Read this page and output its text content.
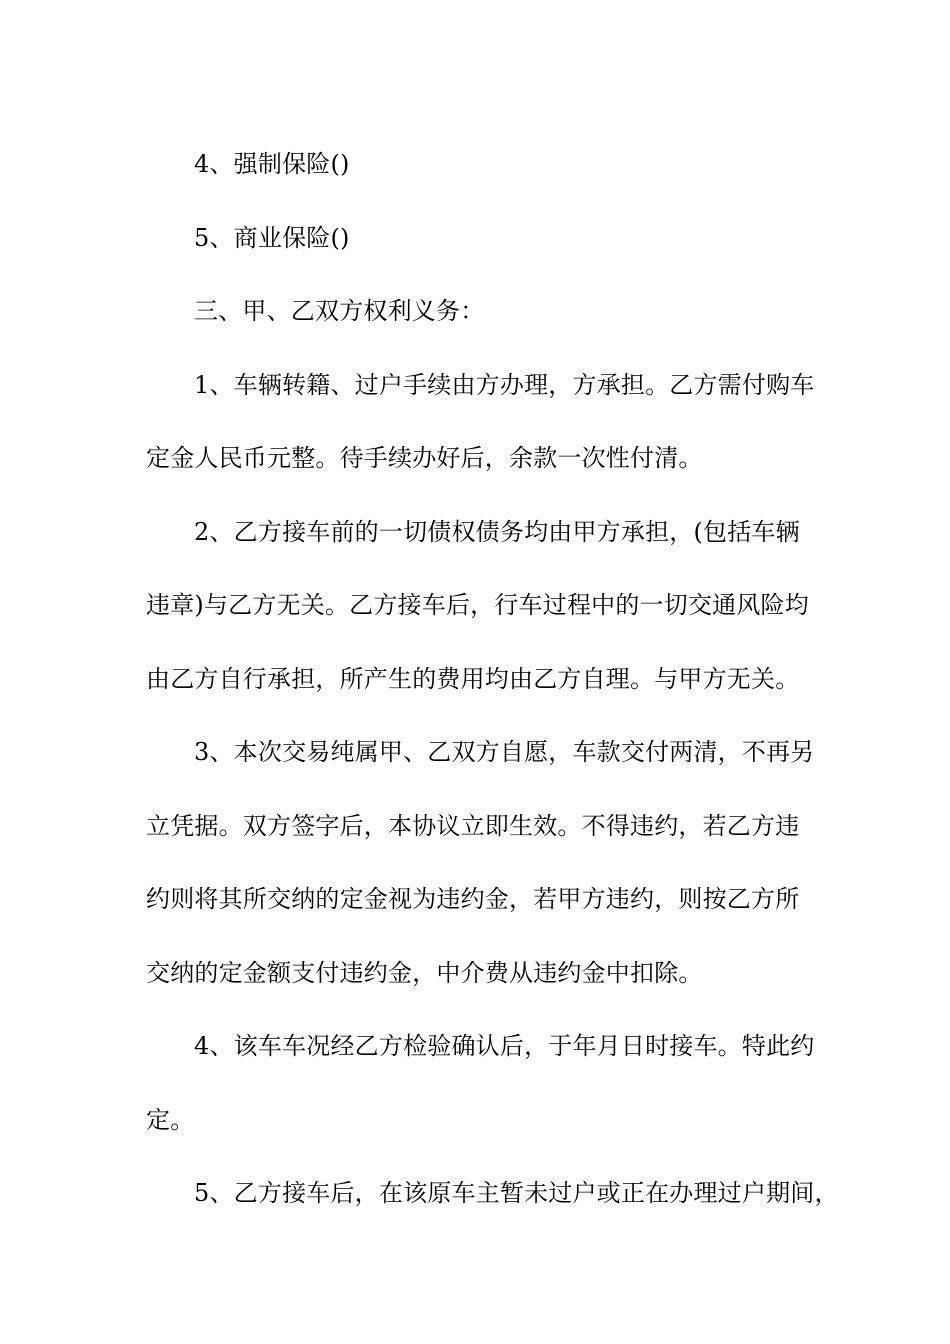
4、强制保险()

5、商业保险()

三、甲、乙双方权利义务：

1、车辆转籍、过户手续由方办理，方承担。乙方需付购车
定金人民币元整。待手续办好后，余款一次性付清。

2、乙方接车前的一切债权债务均由甲方承担，(包括车辆
违章)与乙方无关。乙方接车后，行车过程中的一切交通风险均
由乙方自行承担，所产生的费用均由乙方自理。与甲方无关。

3、本次交易纯属甲、乙双方自愿，车款交付两清，不再另
立凭据。双方签字后，本协议立即生效。不得违约，若乙方违
约则将其所交纳的定金视为违约金，若甲方违约，则按乙方所
交纳的定金额支付违约金，中介费从违约金中扣除。

4、该车车况经乙方检验确认后，于年月日时接车。特此约
定。

5、乙方接车后，在该原车主暂未过户或正在办理过户期间，
